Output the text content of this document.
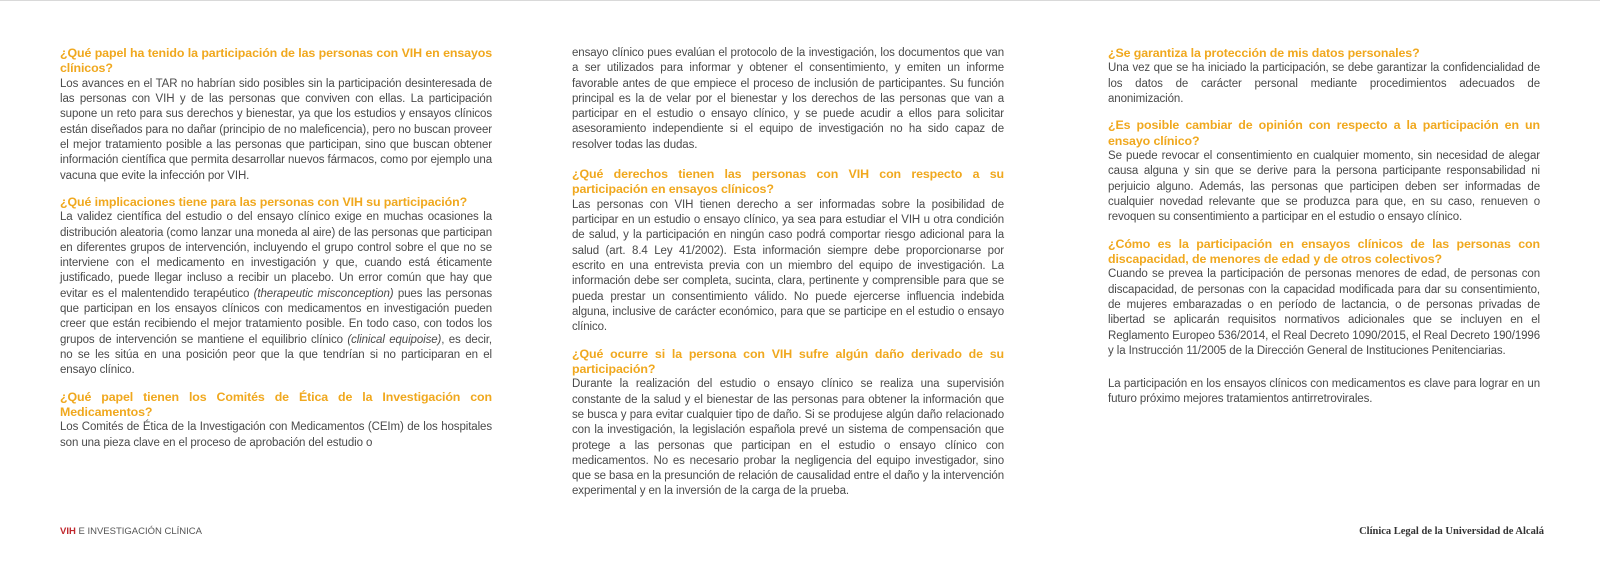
¿Qué papel ha tenido la participación de las personas con VIH en ensayos clínicos?

Los avances en el TAR no habrían sido posibles sin la participación desinteresada de las personas con VIH y de las personas que conviven con ellas. La participación supone un reto para sus derechos y bienestar, ya que los estudios y ensayos clínicos están diseñados para no dañar (principio de no maleficencia), pero no buscan proveer el mejor tratamiento posible a las personas que participan, sino que buscan obtener información científica que permita desarrollar nuevos fármacos, como por ejemplo una vacuna que evite la infección por VIH.

¿Qué implicaciones tiene para las personas con VIH su participación?

La validez científica del estudio o del ensayo clínico exige en muchas ocasiones la distribución aleatoria (como lanzar una moneda al aire) de las personas que participan en diferentes grupos de intervención, incluyendo el grupo control sobre el que no se interviene con el medicamento en investigación y que, cuando está éticamente justificado, puede llegar incluso a recibir un placebo. Un error común que hay que evitar es el malentendido terapéutico (therapeutic misconception) pues las personas que participan en los ensayos clínicos con medicamentos en investigación pueden creer que están recibiendo el mejor tratamiento posible. En todo caso, con todos los grupos de intervención se mantiene el equilibrio clínico (clinical equipoise), es decir, no se les sitúa en una posición peor que la que tendrían si no participaran en el ensayo clínico.

¿Qué papel tienen los Comités de Ética de la Investigación con Medicamentos?

Los Comités de Ética de la Investigación con Medicamentos (CEIm) de los hospitales son una pieza clave en el proceso de aprobación del estudio o

ensayo clínico pues evalúan el protocolo de la investigación, los documentos que van a ser utilizados para informar y obtener el consentimiento, y emiten un informe favorable antes de que empiece el proceso de inclusión de participantes. Su función principal es la de velar por el bienestar y los derechos de las personas que van a participar en el estudio o ensayo clínico, y se puede acudir a ellos para solicitar asesoramiento independiente si el equipo de investigación no ha sido capaz de resolver todas las dudas.

¿Qué derechos tienen las personas con VIH con respecto a su participación en ensayos clínicos?

Las personas con VIH tienen derecho a ser informadas sobre la posibilidad de participar en un estudio o ensayo clínico, ya sea para estudiar el VIH u otra condición de salud, y la participación en ningún caso podrá comportar riesgo adicional para la salud (art. 8.4 Ley 41/2002). Esta información siempre debe proporcionarse por escrito en una entrevista previa con un miembro del equipo de investigación. La información debe ser completa, sucinta, clara, pertinente y comprensible para que se pueda prestar un consentimiento válido. No puede ejercerse influencia indebida alguna, inclusive de carácter económico, para que se participe en el estudio o ensayo clínico.

¿Qué ocurre si la persona con VIH sufre algún daño derivado de su participación?

Durante la realización del estudio o ensayo clínico se realiza una supervisión constante de la salud y el bienestar de las personas para obtener la información que se busca y para evitar cualquier tipo de daño. Si se produjese algún daño relacionado con la investigación, la legislación española prevé un sistema de compensación que protege a las personas que participan en el estudio o ensayo clínico con medicamentos. No es necesario probar la negligencia del equipo investigador, sino que se basa en la presunción de relación de causalidad entre el daño y la intervención experimental y en la inversión de la carga de la prueba.

¿Se garantiza la protección de mis datos personales?

Una vez que se ha iniciado la participación, se debe garantizar la confidencialidad de los datos de carácter personal mediante procedimientos adecuados de anonimización.

¿Es posible cambiar de opinión con respecto a la participación en un ensayo clínico?

Se puede revocar el consentimiento en cualquier momento, sin necesidad de alegar causa alguna y sin que se derive para la persona participante responsabilidad ni perjuicio alguno. Además, las personas que participen deben ser informadas de cualquier novedad relevante que se produzca para que, en su caso, renueven o revoquen su consentimiento a participar en el estudio o ensayo clínico.

¿Cómo es la participación en ensayos clínicos de las personas con discapacidad, de menores de edad y de otros colectivos?

Cuando se prevea la participación de personas menores de edad, de personas con discapacidad, de personas con la capacidad modificada para dar su consentimiento, de mujeres embarazadas o en período de lactancia, o de personas privadas de libertad se aplicarán requisitos normativos adicionales que se incluyen en el Reglamento Europeo 536/2014, el Real Decreto 1090/2015, el Real Decreto 190/1996 y la Instrucción 11/2005 de la Dirección General de Instituciones Penitenciarias.

La participación en los ensayos clínicos con medicamentos es clave para lograr en un futuro próximo mejores tratamientos antirretrovirales.

VIH E INVESTIGACIÓN CLÍNICA	Clínica Legal de la Universidad de Alcalá
